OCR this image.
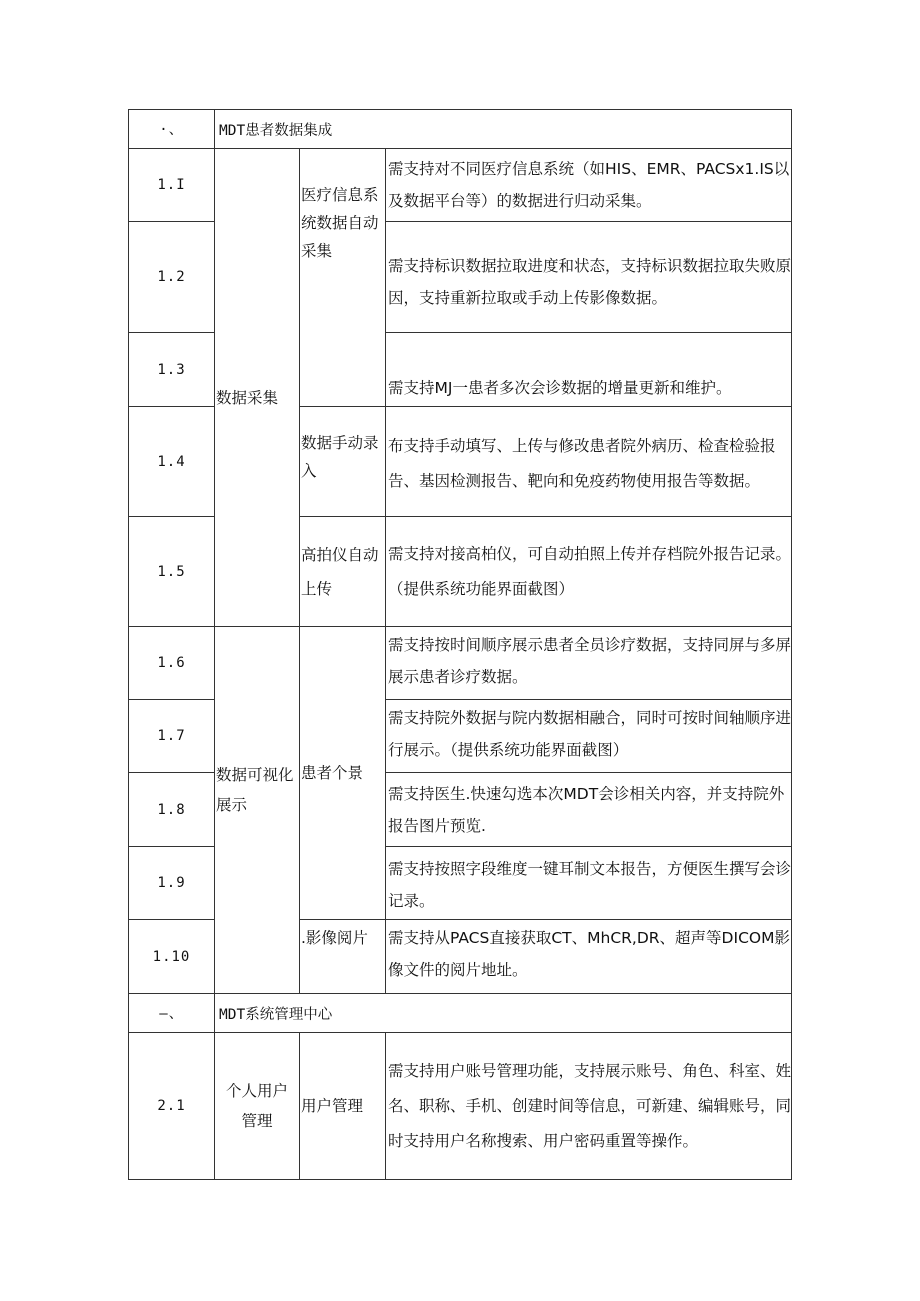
·、	MDT患者数据集成		
1.I	数据采集	医疗信息系统数据自动采集	需支持对不同医疗信息系统（如HIS、EMR、PACSx1.IS以及数据平台等）的数据进行归动采集。
1.2			需支持标识数据拉取进度和状态，支持标识数据拉取失败原因，支持重新拉取或手动上传影像数据。
1.3			需支持MJ一患者多次会诊数据的增量更新和维护。
1.4		数据手动录入	布支持手动填写、上传与修改患者院外病历、检查检验报告、基因检测报告、靶向和免疫药物使用报告等数据。
1.5		高拍仪自动上传	需支持对接高柏仪，可自动拍照上传并存档院外报告记录。（提供系统功能界面截图）
1.6	数据可视化展示	患者个景	需支持按时间顺序展示患者全员诊疗数据，支持同屏与多屏展示患者诊疗数据。
1.7			需支持院外数据与院内数据相融合，同时可按时间轴顺序进行展示。（提供系统功能界面截图）
1.8			需支持医生.快速勾选本次MDT会诊相关内容，并支持院外报告图片预览.
1.9			需支持按照字段维度一键耳制文本报告，方便医生撰写会诊记录。
1.10		.影像阅片	需支持从PACS直接获取CT、MhCR,DR、超声等DICOM影像文件的阅片地址。
—、	MDT系统管理中心		
2.1	个人用户管理	用户管理	需支持用户账号管理功能，支持展示账号、角色、科室、姓名、职称、手机、创建时间等信息，可新建、编辑账号，同时支持用户名称搜索、用户密码重置等操作。
